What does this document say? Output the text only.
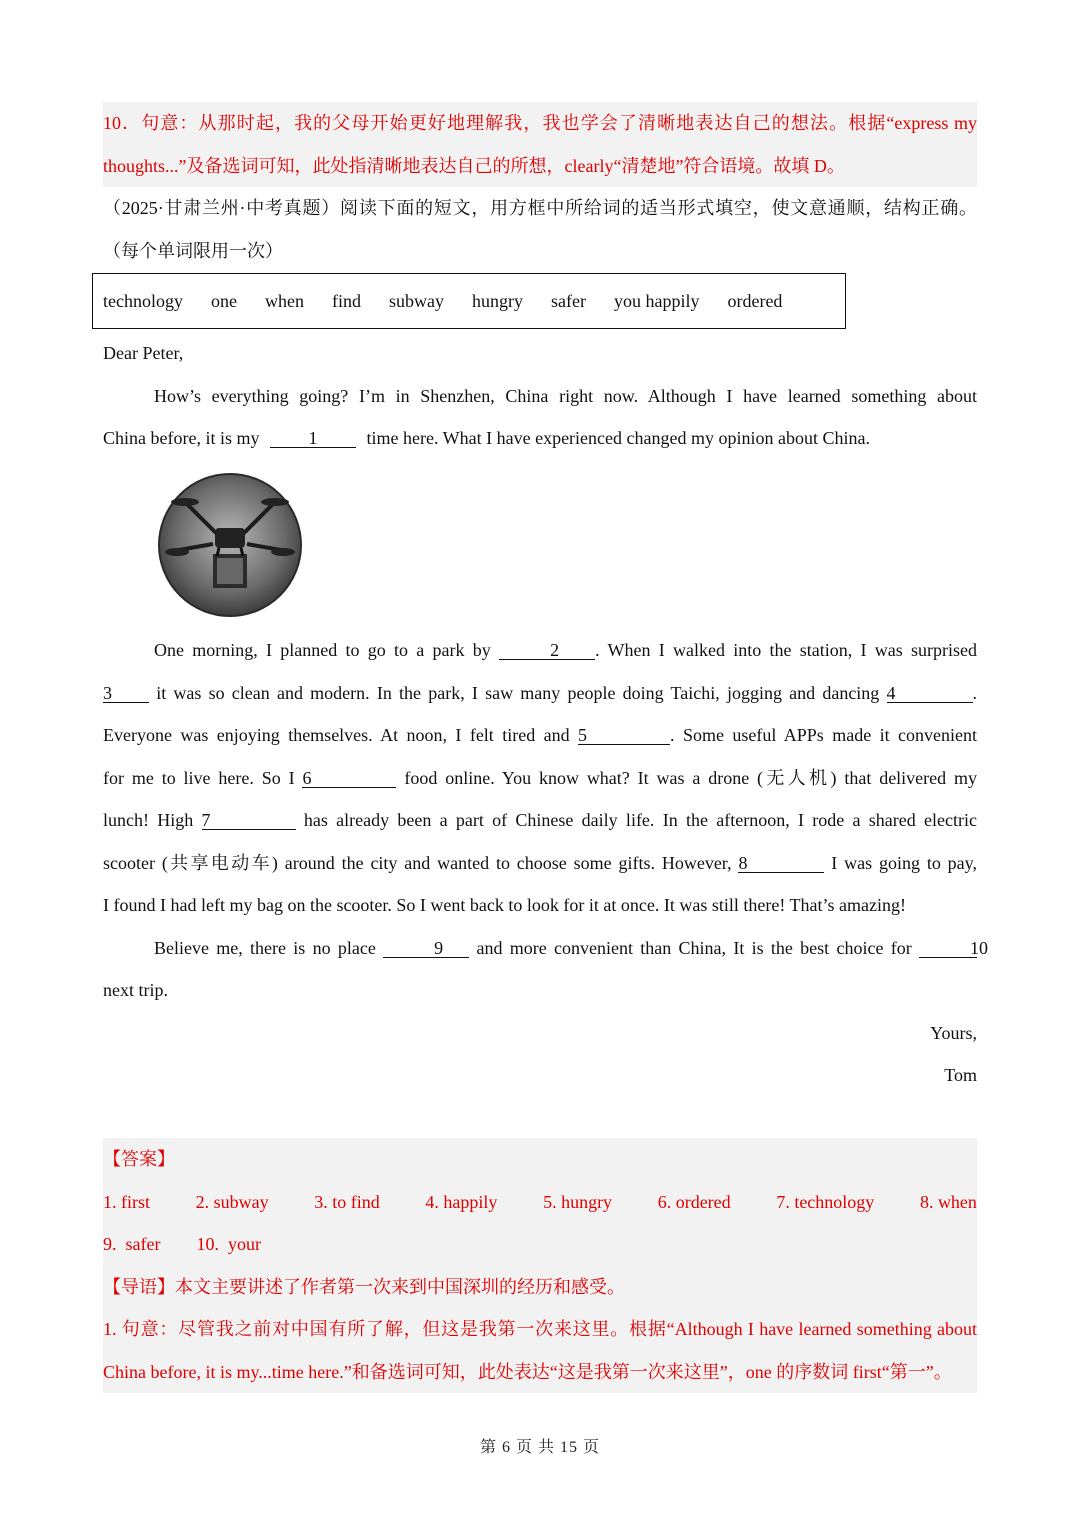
10．句意：从那时起，我的父母开始更好地理解我，我也学会了清晰地表达自己的想法。根据“express my
thoughts...”及备选词可知，此处指清晰地表达自己的所想，clearly“清楚地”符合语境。故填 D。
（2025·甘肃兰州·中考真题）阅读下面的短文，用方框中所给词的适当形式填空，使文意通顺，结构正确。
（每个单词限用一次）
technology one when find subway hungry safer you happily ordered
Dear Peter,
How’s everything going? I’m in Shenzhen, China right now. Although I have learned something about
China before, it is my	1	time here. What I have experienced changed my opinion about China.
One morning, I planned to go to a park by	2 . When I walked into the station, I was surprised
3 it was so clean and modern. In the park, I saw many people doing Taichi, jogging and dancing 4	.
Everyone was enjoying themselves. At noon, I felt tired and 5	. Some useful APPs made it convenient
for me to live here. So I 6	food online. You know what? It was a drone (无人机) that delivered my
lunch! High 7	has already been a part of Chinese daily life. In the afternoon, I rode a shared electric
scooter (共享电动车) around the city and wanted to choose some gifts. However, 8	I was going to pay,
I found I had left my bag on the scooter. So I went back to look for it at once. It was still there! That’s amazing!
Believe me, there is no place	9 and more convenient than China, It is the best choice for	10
next trip.
Yours,
Tom
【答案】
1. first	2. subway	3. to find	4. happily	5. hungry	6. ordered	7. technology	8. when
9.  safer 10.  your
【导语】本文主要讲述了作者第一次来到中国深圳的经历和感受。
1. 句意：尽管我之前对中国有所了解，但这是我第一次来这里。根据“Although I have learned something about
China before, it is my...time here.”和备选词可知，此处表达“这是我第一次来这里”，one 的序数词 first“第一”。
第 6 页 共 15 页
